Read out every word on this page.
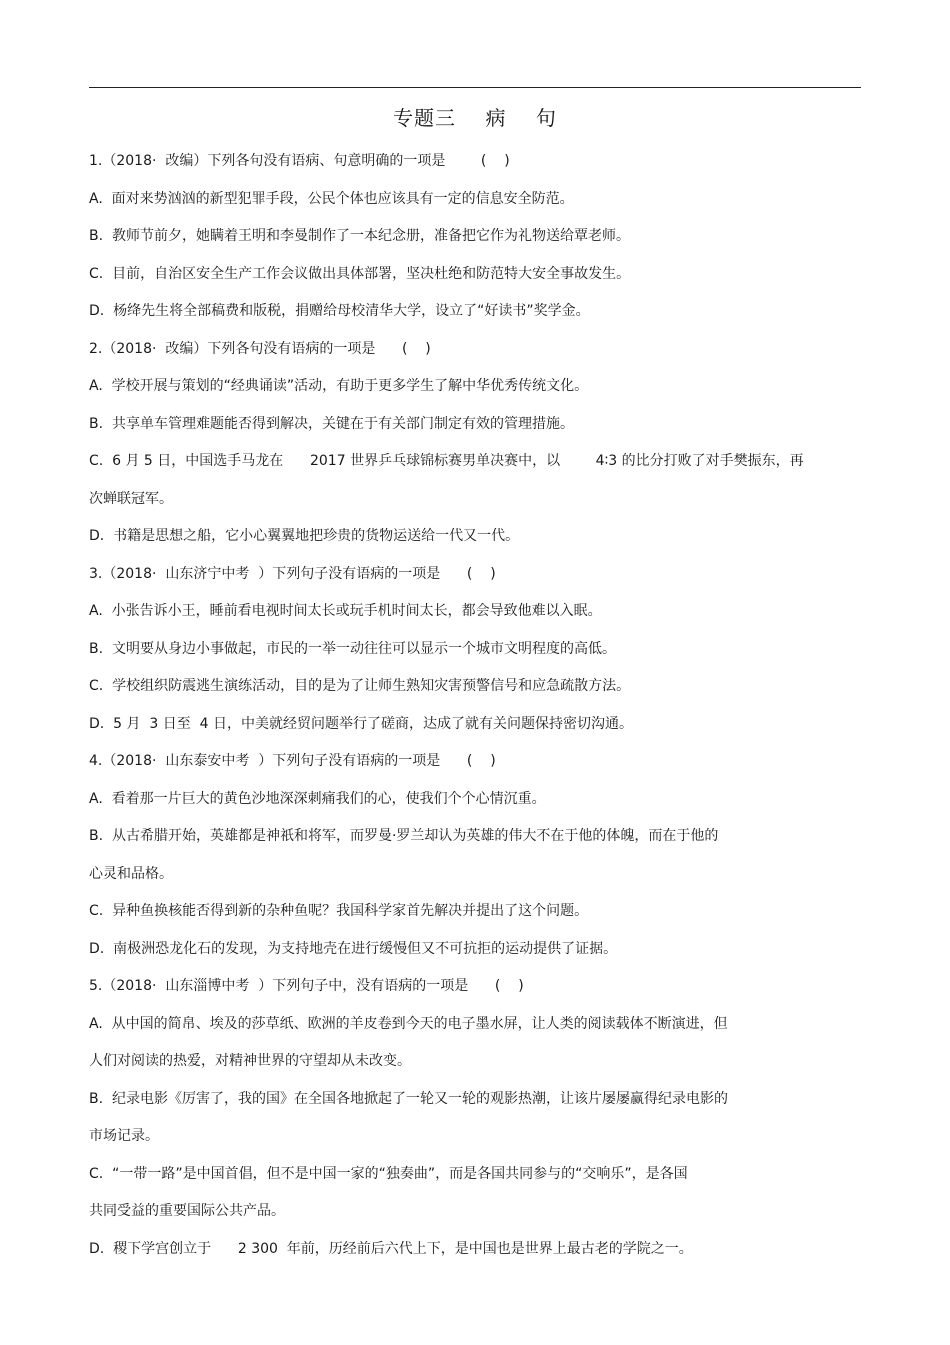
专题三    病    句
1.（2018·  改编）下列各句没有语病、句意明确的一项是        (    )
A.  面对来势汹汹的新型犯罪手段，公民个体也应该具有一定的信息安全防范。
B.  教师节前夕，她瞒着王明和李曼制作了一本纪念册，准备把它作为礼物送给覃老师。
C.  目前，自治区安全生产工作会议做出具体部署，坚决杜绝和防范特大安全事故发生。
D.  杨绛先生将全部稿费和版税，捐赠给母校清华大学，设立了“好读书”奖学金。
2.（2018·  改编）下列各句没有语病的一项是      (    )
A.  学校开展与策划的“经典诵读”活动，有助于更多学生了解中华优秀传统文化。
B.  共享单车管理难题能否得到解决，关键在于有关部门制定有效的管理措施。
C.  6 月 5 日，中国选手马龙在      2017 世界乒乓球锦标赛男单决赛中，以        4∶3 的比分打败了对手樊振东，再
次蝉联冠军。
D.  书籍是思想之船，它小心翼翼地把珍贵的货物运送给一代又一代。
3.（2018·  山东济宁中考  ）下列句子没有语病的一项是      (    )
A.  小张告诉小王，睡前看电视时间太长或玩手机时间太长，都会导致他难以入眠。
B.  文明要从身边小事做起，市民的一举一动往往可以显示一个城市文明程度的高低。
C.  学校组织防震逃生演练活动，目的是为了让师生熟知灾害预警信号和应急疏散方法。
D.  5 月  3 日至  4 日，中美就经贸问题举行了磋商，达成了就有关问题保持密切沟通。
4.（2018·  山东泰安中考  ）下列句子没有语病的一项是      (    )
A.  看着那一片巨大的黄色沙地深深刺痛我们的心，使我们个个心情沉重。
B.  从古希腊开始，英雄都是神祇和将军，而罗曼·罗兰却认为英雄的伟大不在于他的体魄，而在于他的
心灵和品格。
C.  异种鱼换核能否得到新的杂种鱼呢？我国科学家首先解决并提出了这个问题。
D.  南极洲恐龙化石的发现，为支持地壳在进行缓慢但又不可抗拒的运动提供了证据。
5.（2018·  山东淄博中考  ）下列句子中，没有语病的一项是      (    )
A.  从中国的简帛、埃及的莎草纸、欧洲的羊皮卷到今天的电子墨水屏，让人类的阅读载体不断演进，但
人们对阅读的热爱，对精神世界的守望却从未改变。
B.  纪录电影《厉害了，我的国》在全国各地掀起了一轮又一轮的观影热潮，让该片屡屡赢得纪录电影的
市场记录。
C.  “一带一路”是中国首倡，但不是中国一家的“独奏曲”，而是各国共同参与的“交响乐”，是各国
共同受益的重要国际公共产品。
D.  稷下学宫创立于      2 300  年前，历经前后六代上下，是中国也是世界上最古老的学院之一。
